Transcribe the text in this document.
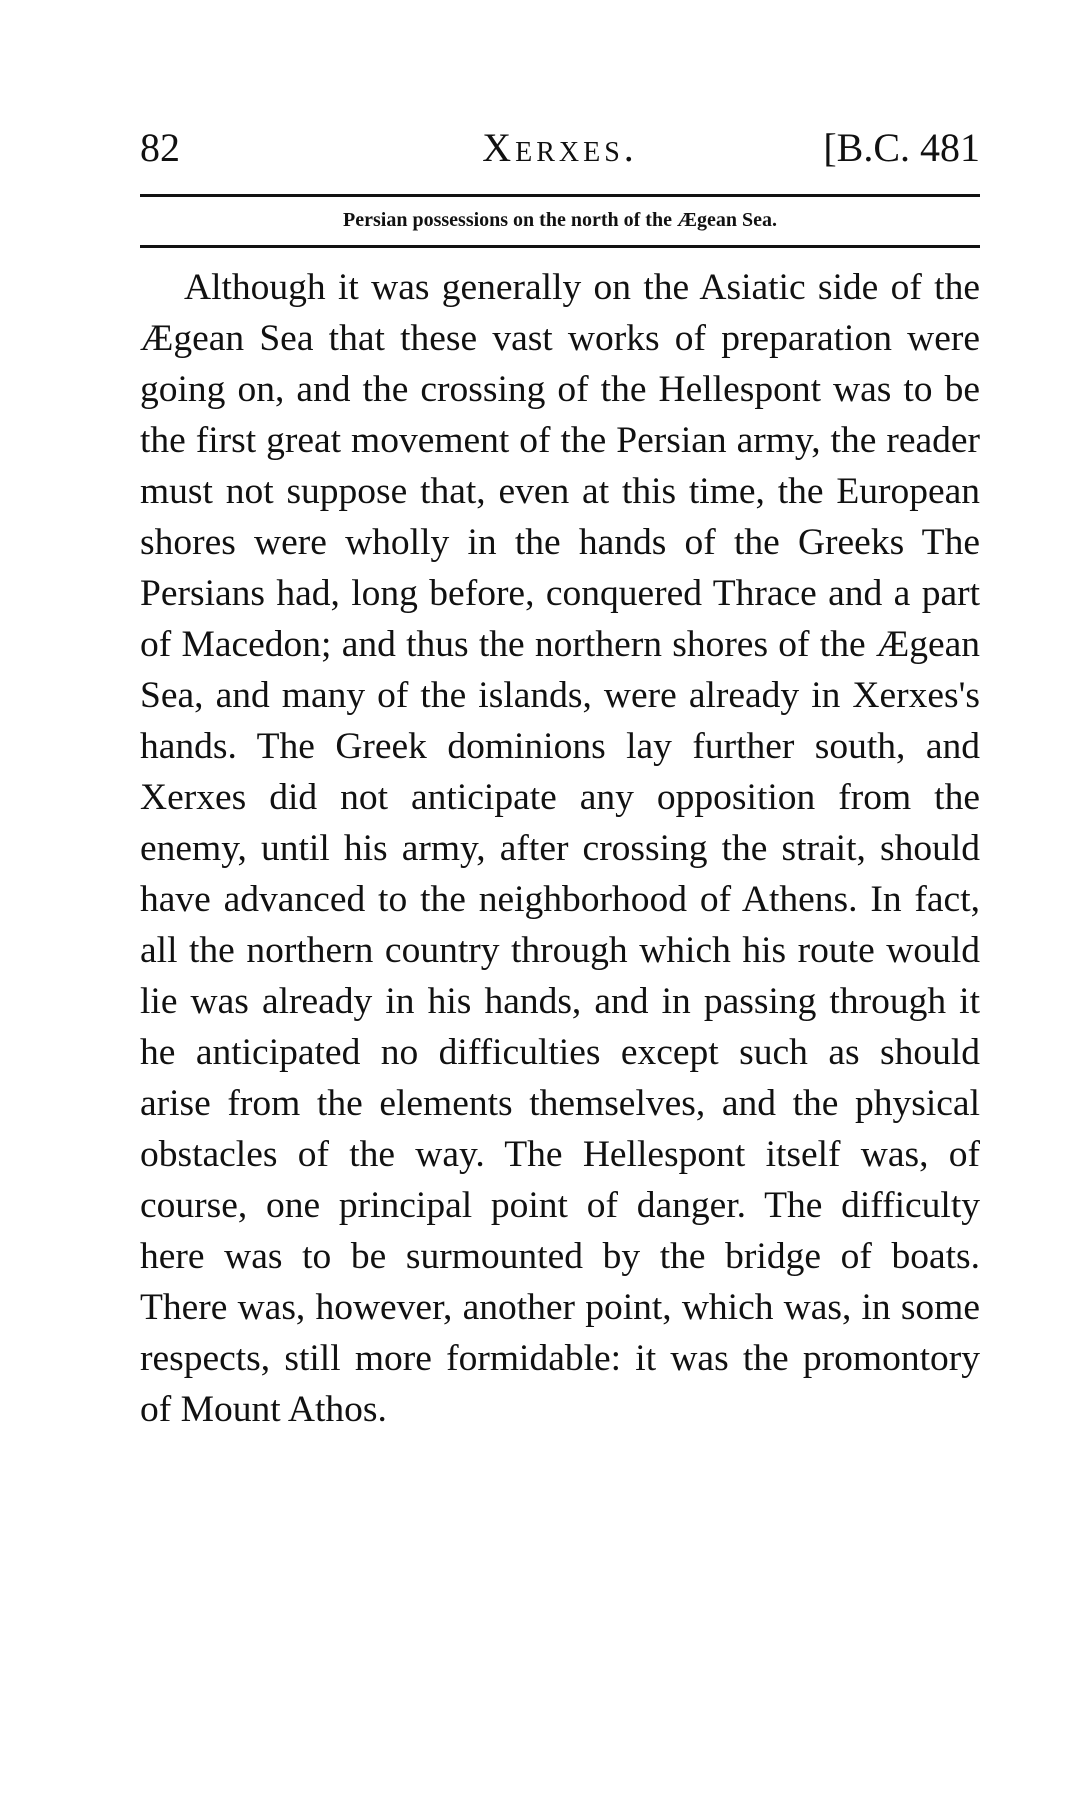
82	Xerxes.	[B.C. 481
Persian possessions on the north of the Ægean Sea.

Although it was generally on the Asiatic side of the Ægean Sea that these vast works of preparation were going on, and the crossing of the Hellespont was to be the first great movement of the Persian army, the reader must not suppose that, even at this time, the European shores were wholly in the hands of the Greeks The Persians had, long before, conquered Thrace and a part of Macedon; and thus the northern shores of the Ægean Sea, and many of the islands, were already in Xerxes's hands. The Greek dominions lay further south, and Xerxes did not anticipate any opposition from the enemy, until his army, after crossing the strait, should have advanced to the neighborhood of Athens. In fact, all the northern country through which his route would lie was already in his hands, and in passing through it he anticipated no difficulties except such as should arise from the elements themselves, and the physical obstacles of the way. The Hellespont itself was, of course, one principal point of danger. The difficulty here was to be surmounted by the bridge of boats. There was, however, another point, which was, in some respects, still more formidable: it was the promontory of Mount Athos.
